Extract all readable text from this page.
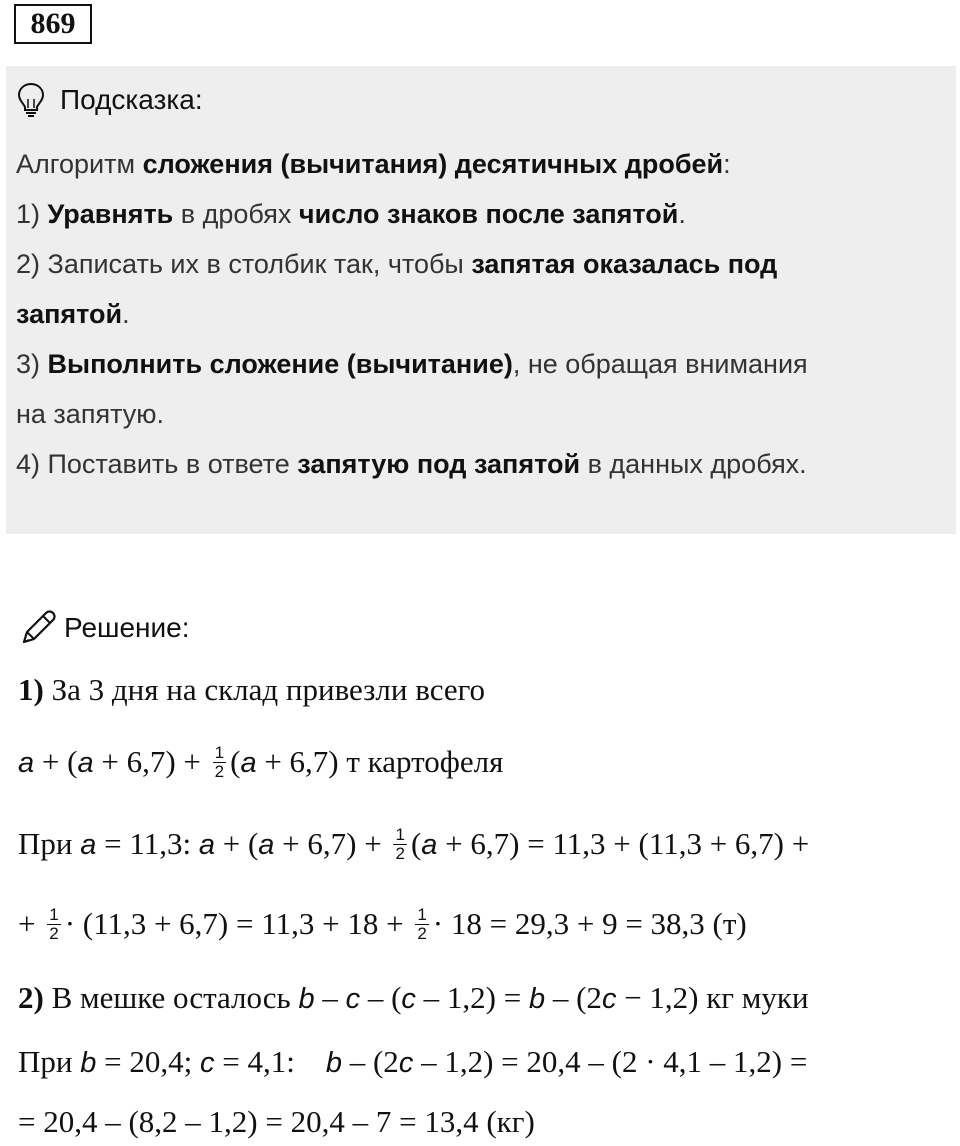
869
Подсказка:
Алгоритм сложения (вычитания) десятичных дробей:
1) Уравнять в дробях число знаков после запятой.
2) Записать их в столбик так, чтобы запятая оказалась под
запятой.
3) Выполнить сложение (вычитание), не обращая внимания
на запятую.
4) Поставить в ответе запятую под запятой в данных дробях.
Решение:
1) За 3 дня на склад привезли всего
$a + (a + 6,7) + \frac{1}{2} (a + 6,7)$ т картофеля
При a = 11,3: $a + (a + 6,7) + \frac{1}{2} (a + 6,7) = 11,3 + (11,3 + 6,7)$ +
+ $\frac{1}{2} \cdot (11,3 + 6,7) = 11,3 + 18 + \frac{1}{2} \cdot 18 = 29,3 + 9 = 38,3$ (т)
2) В мешке осталось b – c – (c – 1,2) = b – (2c − 1,2) кг муки
При b = 20,4; c = 4,1:    b – (2c – 1,2) = 20,4 – (2 · 4,1 – 1,2) =
= 20,4 – (8,2 – 1,2) = 20,4 – 7 = 13,4 (кг)
